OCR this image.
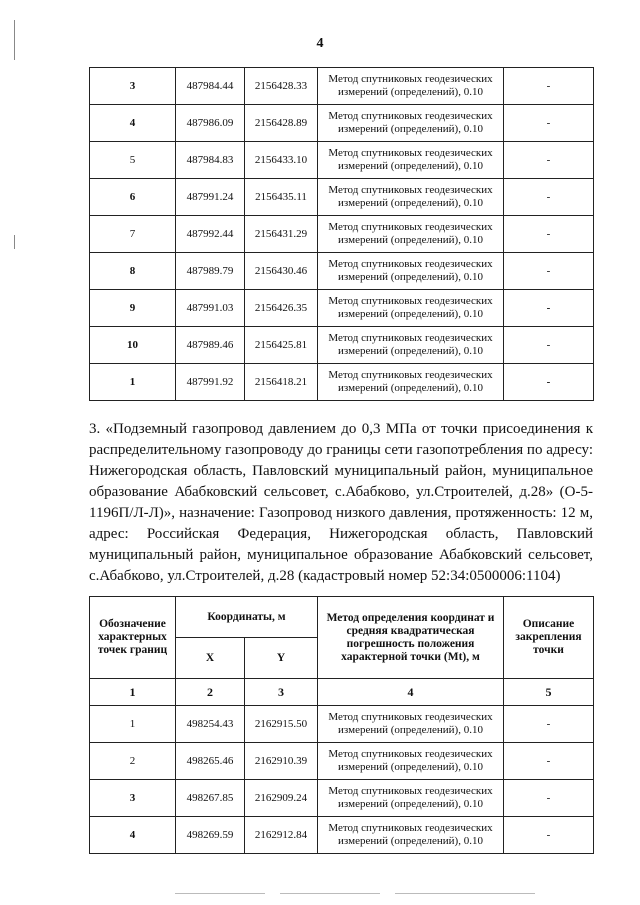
4
3	487984.44	2156428.33	Метод спутниковых геодезических
измерений (определений), 0.10	-
4	487986.09	2156428.89	Метод спутниковых геодезических
измерений (определений), 0.10	-
5	487984.83	2156433.10	Метод спутниковых геодезических
измерений (определений), 0.10	-
6	487991.24	2156435.11	Метод спутниковых геодезических
измерений (определений), 0.10	-
7	487992.44	2156431.29	Метод спутниковых геодезических
измерений (определений), 0.10	-
8	487989.79	2156430.46	Метод спутниковых геодезических
измерений (определений), 0.10	-
9	487991.03	2156426.35	Метод спутниковых геодезических
измерений (определений), 0.10	-
10	487989.46	2156425.81	Метод спутниковых геодезических
измерений (определений), 0.10	-
1	487991.92	2156418.21	Метод спутниковых геодезических
измерений (определений), 0.10	-

3. «Подземный газопровод давлением до 0,3 МПа от точки присоединения к распределительному газопроводу до границы сети газопотребления по адресу: Нижегородская область, Павловский муниципальный район, муниципальное образование Абабковский сельсовет, с.Абабково, ул.Строителей, д.28» (О-5-1196П/Л-Л)», назначение: Газопровод низкого давления, протяженность: 12 м, адрес: Российская Федерация, Нижегородская область, Павловский муниципальный район, муниципальное образование Абабковский сельсовет, с.Абабково, ул.Строителей, д.28 (кадастровый номер 52:34:0500006:1104)

Обозначение характерных точек границ	Координаты, м		Метод определения координат и средняя квадратическая погрешность положения характерной точки (Mt), м	Описание закрепления точки
	X	Y		
1	2	3	4	5
1	498254.43	2162915.50	Метод спутниковых геодезических
измерений (определений), 0.10	-
2	498265.46	2162910.39	Метод спутниковых геодезических
измерений (определений), 0.10	-
3	498267.85	2162909.24	Метод спутниковых геодезических
измерений (определений), 0.10	-
4	498269.59	2162912.84	Метод спутниковых геодезических
измерений (определений), 0.10	-
